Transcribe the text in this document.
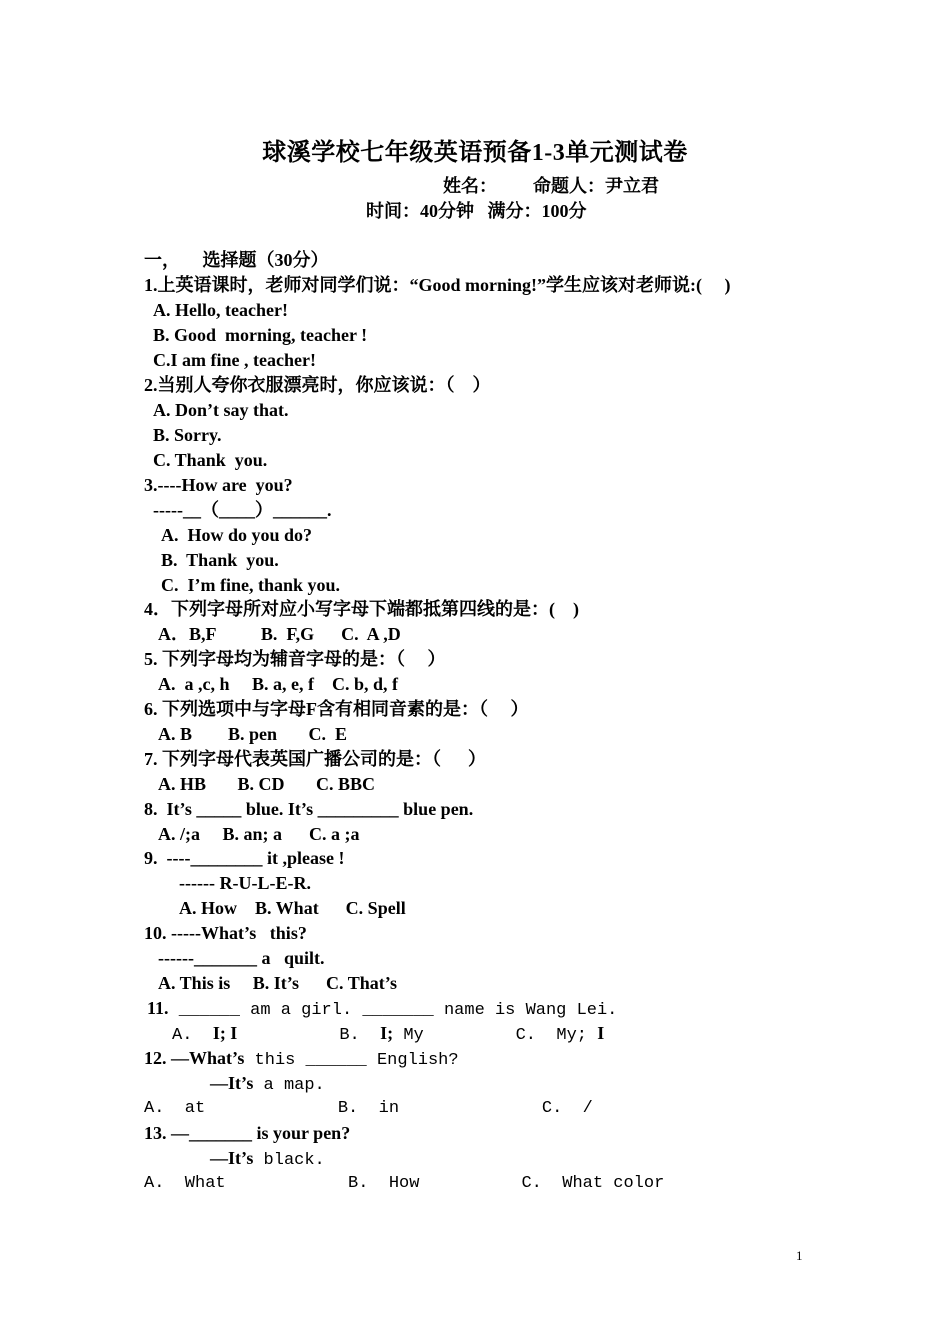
球溪学校七年级英语预备1-3单元测试卷
姓名：        命题人：尹立君
时间：40分钟   满分：100分
一，     选择题（30分）
1.上英语课时，老师对同学们说：“Good morning!”学生应该对老师说:(     )
A. Hello, teacher!
B. Good  morning, teacher !
C.I am fine , teacher!
2.当别人夸你衣服漂亮时，你应该说：（    ）
A. Don’t say that.
B. Sorry.
C. Thank  you.
3.----How are  you?
-----__（____）______.
A.  How do you do?
B.  Thank  you.
C.  I’m fine, thank you.
4．下列字母所对应小写字母下端都抵第四线的是：(    )
A．B,F          B.  F,G      C.  A ,D
5. 下列字母均为辅音字母的是：（     ）
A.  a ,c, h     B. a, e, f    C. b, d, f
6. 下列选项中与字母F含有相同音素的是：（     ）
A. B        B. pen       C.  E
7. 下列字母代表英国广播公司的是：（      ）
A. HB       B. CD       C. BBC
8.  It’s _____ blue. It’s _________ blue pen.
A. /;a     B. an; a      C. a ;a
9.  ----________ it ,please !
------ R-U-L-E-R.
A. How    B. What      C. Spell
10. -----What’s   this?
------_______ a   quilt.
A. This is     B. It’s      C. That’s
11. ______ am a girl. _______ name is Wang Lei.
A.  I; I          B.  I; My         C.  My; I
12. —What’s this ______ English?
—It’s a map.
A.  at             B.  in              C.  /
13. —_______ is your pen?
—It’s black.
A.  What            B.  How          C.  What color
1
